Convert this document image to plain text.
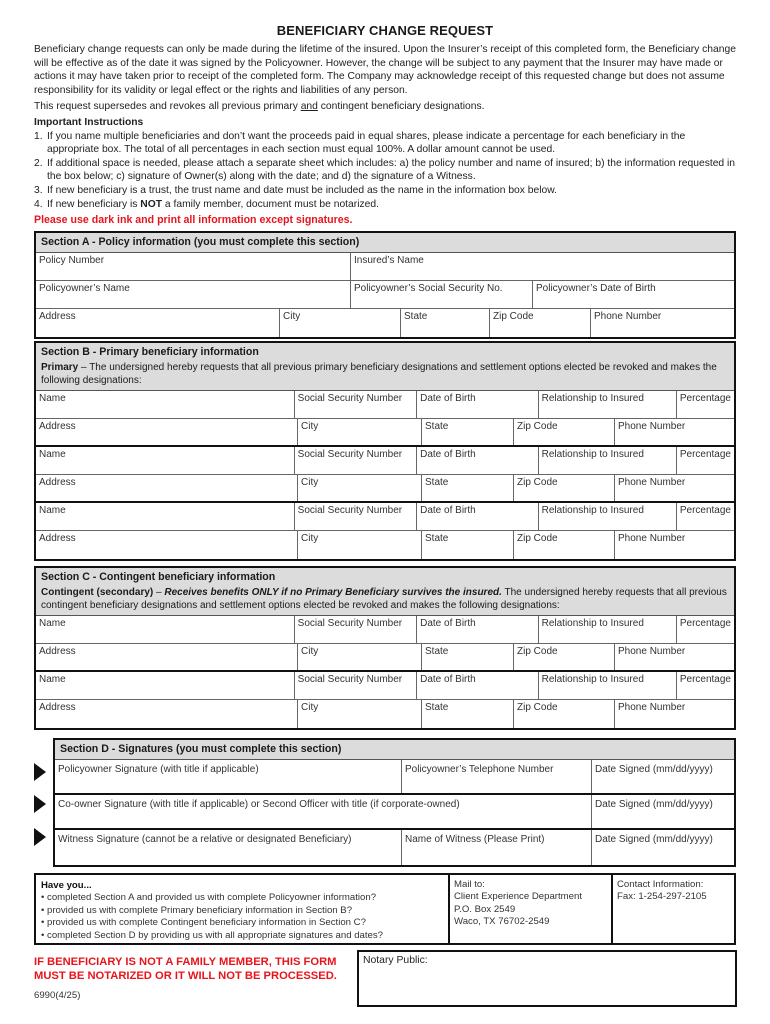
BENEFICIARY CHANGE REQUEST

Beneficiary change requests can only be made during the lifetime of the insured. Upon the Insurer’s receipt of this completed form, the Beneficiary change will be effective as of the date it was signed by the Policyowner. However, the change will be subject to any payment that the Insurer may have made or actions it may have taken prior to receipt of the completed form. The Company may acknowledge receipt of this requested change but does not assume responsibility for its validity or legal effect or the rights and liabilities of any person.

This request supersedes and revokes all previous primary and contingent beneficiary designations.

Important Instructions
1. If you name multiple beneficiaries and don’t want the proceeds paid in equal shares, please indicate a percentage for each beneficiary in the appropriate box. The total of all percentages in each section must equal 100%. A dollar amount cannot be used.
2. If additional space is needed, please attach a separate sheet which includes: a) the policy number and name of insured; b) the information requested in the box below; c) signature of Owner(s) along with the date; and d) the signature of a Witness.
3. If new beneficiary is a trust, the trust name and date must be included as the name in the information box below.
4. If new beneficiary is NOT a family member, document must be notarized.
Please use dark ink and print all information except signatures.
Section A - Policy information (you must complete this section)
Policy Number	Insured’s Name
Policyowner’s Name	Policyowner’s Social Security No.	Policyowner’s Date of Birth
Address	City	State	Zip Code	Phone Number
Section B - Primary beneficiary information
Primary – The undersigned hereby requests that all previous primary beneficiary designations and settlement options elected be revoked and makes the following designations:
Name	Social Security Number	Date of Birth	Relationship to Insured	Percentage
Address	City	State	Zip Code	Phone Number
Name	Social Security Number	Date of Birth	Relationship to Insured	Percentage
Address	City	State	Zip Code	Phone Number
Name	Social Security Number	Date of Birth	Relationship to Insured	Percentage
Address	City	State	Zip Code	Phone Number
Section C - Contingent beneficiary information
Contingent (secondary) – Receives benefits ONLY if no Primary Beneficiary survives the insured. The undersigned hereby requests that all previous contingent beneficiary designations and settlement options elected be revoked and makes the following designations:
Name	Social Security Number	Date of Birth	Relationship to Insured	Percentage
Address	City	State	Zip Code	Phone Number
Name	Social Security Number	Date of Birth	Relationship to Insured	Percentage
Address	City	State	Zip Code	Phone Number
Section D - Signatures (you must complete this section)
Policyowner Signature (with title if applicable)	Policyowner’s Telephone Number	Date Signed (mm/dd/yyyy)
Co-owner Signature (with title if applicable) or Second Officer with title (if corporate-owned)	Date Signed (mm/dd/yyyy)
Witness Signature (cannot be a relative or designated Beneficiary)	Name of Witness (Please Print)	Date Signed (mm/dd/yyyy)
Have you...
• completed Section A and provided us with complete Policyowner information?
• provided us with complete Primary beneficiary information in Section B?
• provided us with complete Contingent beneficiary information in Section C?
• completed Section D by providing us with all appropriate signatures and dates?
Mail to:
Client Experience Department
P.O. Box 2549
Waco, TX 76702-2549
Contact Information:
Fax: 1-254-297-2105
IF BENEFICIARY IS NOT A FAMILY MEMBER, THIS FORM MUST BE NOTARIZED OR IT WILL NOT BE PROCESSED.
6990(4/25)
Notary Public:
